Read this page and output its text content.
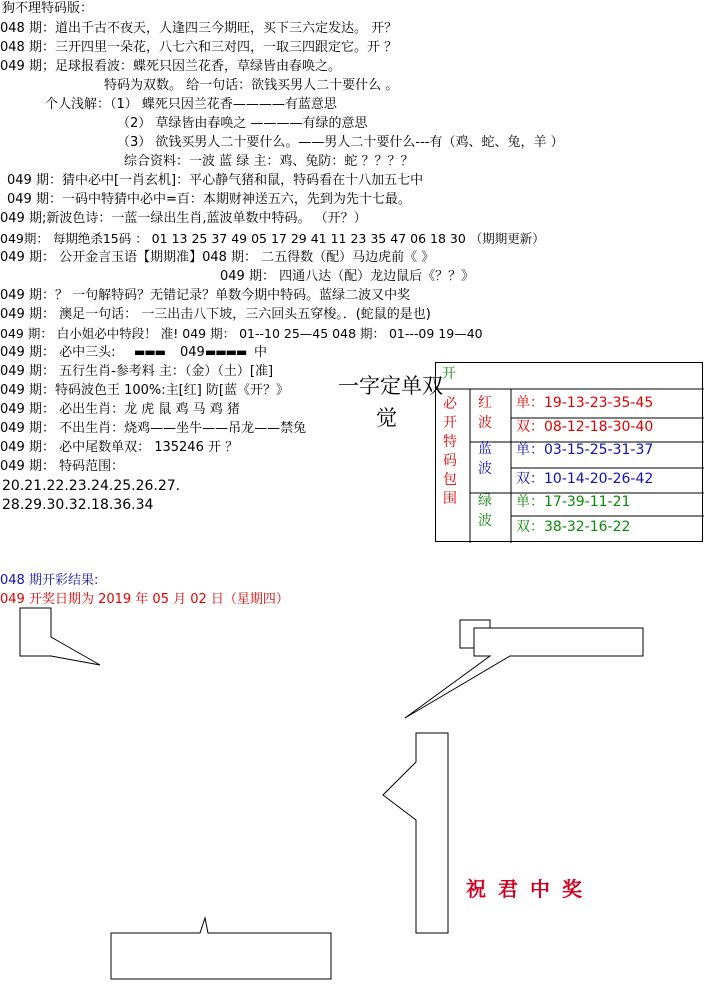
狗不理特码版：
048 期：道出千古不夜天，人逢四三今期旺，买下三六定发达。 开？
048 期：三开四里一朵花，八七六和三对四，一取三四跟定它。开 ？
049 期；足球报看波：蝶死只因兰花香，草绿皆由春唤之。
特码为双数。 给一句话：欲钱买男人二十要什么 。
个人浅解：（1） 蝶死只因兰花香————有蓝意思
（2） 草绿皆由春唤之 ————有绿的意思
（3） 欲钱买男人二十要什么。——男人二十要什么---有（鸡、蛇、兔，羊 ）
综合资料：一波 蓝 绿 主：鸡、兔防：蛇 ？？？？
049 期：猜中必中[一肖玄机]：平心静气猪和鼠，特码看在十八加五七中
049 期：一码中特猜中必中=百：本期财神送五六，先到为先十七最。
049 期;新波色诗：一蓝一绿出生肖,蓝波单数中特码。 （开？）
049期： 每期绝杀15码 ： 01 13 25 37 49 05 17 29 41 11 23 35 47 06 18 30 （期期更新）
049 期： 公开金言玉语【期期准】048 期： 二五得数（配）马边虎前《 》
049 期： 四通八达（配）龙边鼠后《？？》
049 期：？ 一句解特码？无错记录？单数今期中特码。蓝绿二波又中奖
049 期： 澳足一句话： 一三出击八下坡，三六回头五穿梭。．(蛇鼠的是也)
049 期： 白小姐必中特段！ 准! 049 期： 01--10 25—45 048 期： 01---09 19—40
049 期： 必中三头: ▬▬▬ 049 ▬▬▬▬ 中
049 期： 五行生肖-参考料 主：（金）（土）[准]
049 期：特码波色王 100%:主[红] 防[蓝《开？》
049 期： 必出生肖：龙 虎 鼠 鸡 马 鸡 猪
049 期： 不出生肖：烧鸡——坐牛——吊龙——禁兔
049 期： 必中尾数单双： 135246 开 ？
049 期： 特码范围：
20.21.22.23.24.25.26.27.
28.29.30.32.18.36.34
一字定单双
觉
开
必开特码包围
红波
蓝波
绿波
单：19-13-23-35-45
双：08-12-18-30-40
单：03-15-25-31-37
双：10-14-20-26-42
单：17-39-11-21
双：38-32-16-22
048 期开彩结果:
049 开奖日期为 2019 年 05 月 02 日（星期四）
祝君中奖
